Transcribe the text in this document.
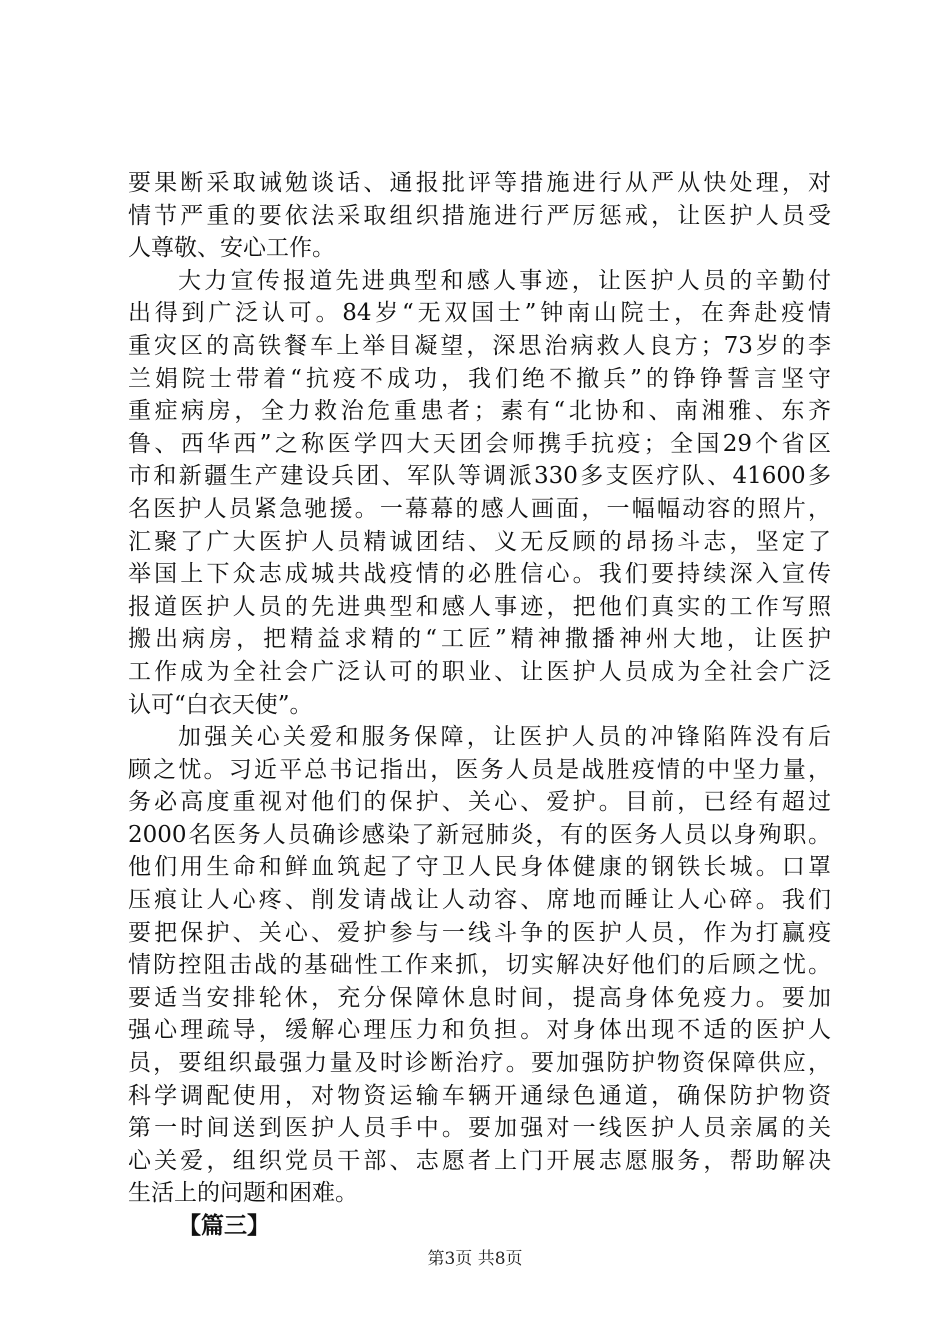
要果断采取诫勉谈话、通报批评等措施进行从严从快处理，对
情节严重的要依法采取组织措施进行严厉惩戒，让医护人员受
人尊敬、安心工作。
大力宣传报道先进典型和感人事迹，让医护人员的辛勤付
出得到广泛认可。84岁“无双国士”钟南山院士，在奔赴疫情
重灾区的高铁餐车上举目凝望，深思治病救人良方；73岁的李
兰娟院士带着“抗疫不成功，我们绝不撤兵”的铮铮誓言坚守
重症病房，全力救治危重患者；素有“北协和、南湘雅、东齐
鲁、西华西”之称医学四大天团会师携手抗疫；全国29个省区
市和新疆生产建设兵团、军队等调派330多支医疗队、41600多
名医护人员紧急驰援。一幕幕的感人画面，一幅幅动容的照片，
汇聚了广大医护人员精诚团结、义无反顾的昂扬斗志，坚定了
举国上下众志成城共战疫情的必胜信心。我们要持续深入宣传
报道医护人员的先进典型和感人事迹，把他们真实的工作写照
搬出病房，把精益求精的“工匠”精神撒播神州大地，让医护
工作成为全社会广泛认可的职业、让医护人员成为全社会广泛
认可“白衣天使”。
加强关心关爱和服务保障，让医护人员的冲锋陷阵没有后
顾之忧。习近平总书记指出，医务人员是战胜疫情的中坚力量，
务必高度重视对他们的保护、关心、爱护。目前，已经有超过
2000名医务人员确诊感染了新冠肺炎，有的医务人员以身殉职。
他们用生命和鲜血筑起了守卫人民身体健康的钢铁长城。口罩
压痕让人心疼、削发请战让人动容、席地而睡让人心碎。我们
要把保护、关心、爱护参与一线斗争的医护人员，作为打赢疫
情防控阻击战的基础性工作来抓，切实解决好他们的后顾之忧。
要适当安排轮休，充分保障休息时间，提高身体免疫力。要加
强心理疏导，缓解心理压力和负担。对身体出现不适的医护人
员，要组织最强力量及时诊断治疗。要加强防护物资保障供应，
科学调配使用，对物资运输车辆开通绿色通道，确保防护物资
第一时间送到医护人员手中。要加强对一线医护人员亲属的关
心关爱，组织党员干部、志愿者上门开展志愿服务，帮助解决
生活上的问题和困难。
【篇三】
第3页 共8页
